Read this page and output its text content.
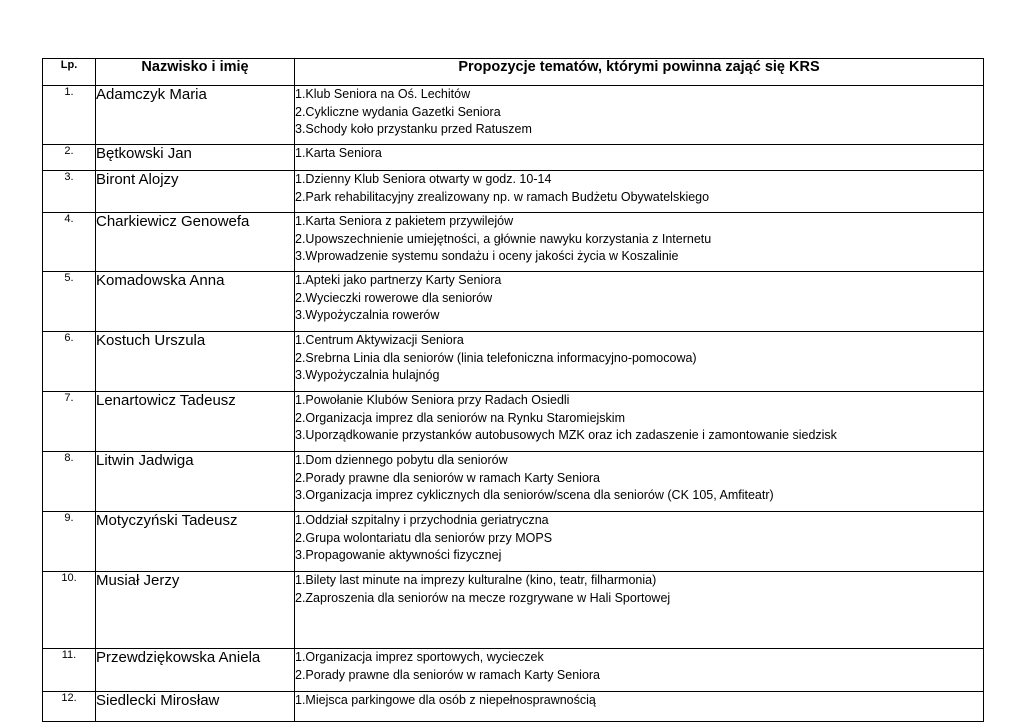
Lp.	Nazwisko i imię	Propozycje tematów, którymi powinna zająć się KRS
1.	Adamczyk Maria	1.Klub Seniora na Oś. Lechitów
2.Cykliczne wydania Gazetki Seniora
3.Schody koło przystanku przed Ratuszem

2.	Bętkowski Jan	1.Karta Seniora

3.	Biront Alojzy	1.Dzienny Klub Seniora otwarty w godz. 10-14
2.Park rehabilitacyjny zrealizowany np. w ramach Budżetu Obywatelskiego

4.	Charkiewicz Genowefa	1.Karta Seniora z pakietem przywilejów
2.Upowszechnienie umiejętności, a głównie nawyku korzystania z Internetu
3.Wprowadzenie systemu sondażu i oceny jakości życia w Koszalinie

5.	Komadowska Anna	1.Apteki jako partnerzy Karty Seniora
2.Wycieczki rowerowe dla seniorów
3.Wypożyczalnia rowerów

6.	Kostuch Urszula	1.Centrum Aktywizacji Seniora
2.Srebrna Linia dla seniorów (linia telefoniczna informacyjno-pomocowa)
3.Wypożyczalnia hulajnóg

7.	Lenartowicz Tadeusz	1.Powołanie Klubów Seniora przy Radach Osiedli
2.Organizacja imprez dla seniorów na Rynku Staromiejskim
3.Uporządkowanie przystanków autobusowych MZK oraz ich zadaszenie i zamontowanie siedzisk

8.	Litwin Jadwiga	1.Dom dziennego pobytu dla seniorów
2.Porady prawne dla seniorów w ramach Karty Seniora
3.Organizacja imprez cyklicznych dla seniorów/scena dla seniorów (CK 105, Amfiteatr)

9.	Motyczyński Tadeusz	1.Oddział szpitalny i przychodnia geriatryczna
2.Grupa wolontariatu dla seniorów przy MOPS
3.Propagowanie aktywności fizycznej

10.	Musiał Jerzy	1.Bilety last minute na imprezy kulturalne (kino, teatr, filharmonia)
2.Zaproszenia dla seniorów na mecze rozgrywane w Hali Sportowej

11.	Przewdziękowska Aniela	1.Organizacja imprez sportowych, wycieczek
2.Porady prawne dla seniorów w ramach Karty Seniora

12.	Siedlecki Mirosław	1.Miejsca parkingowe dla osób z niepełnosprawnością
